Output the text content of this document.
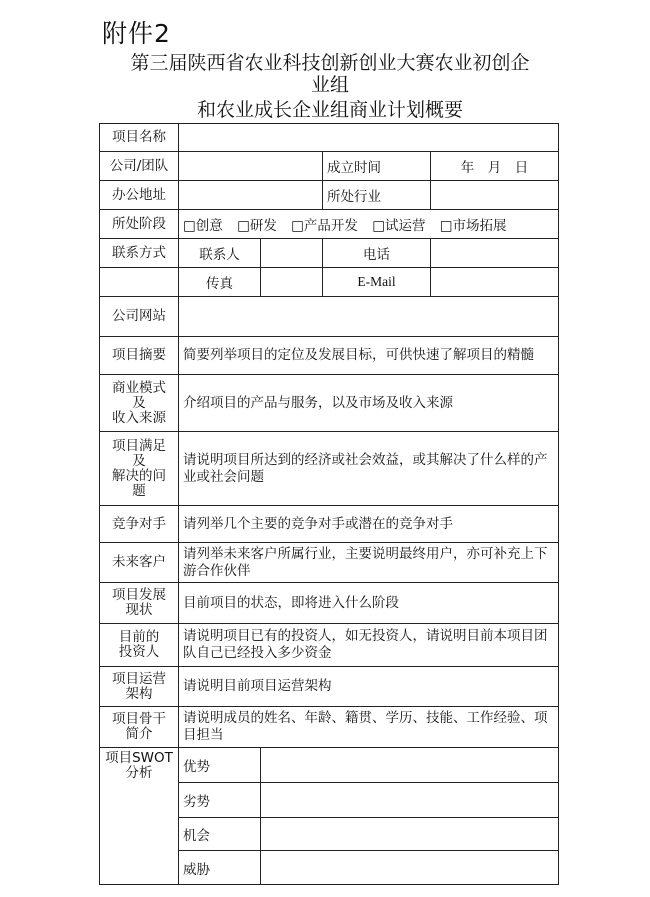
附件2
第三届陕西省农业科技创新创业大赛农业初创企
业组
和农业成长企业组商业计划概要
项目名称				
公司/团队			成立时间	年　月　日
办公地址			所处行业	
所处阶段	□创意 □研发 □产品开发 □试运营 □市场拓展			
联系方式	联系人		电话	
	传真		E-Mail	
公司网站				
项目摘要	简要列举项目的定位及发展目标，可供快速了解项目的精髓			

商业模式
及
收入来源	介绍项目的产品与服务，以及市场及收入来源			

项目满足
及
解决的问
题	请说明项目所达到的经济或社会效益，或其解决了什么样的产业或社会问题			
竞争对手	请列举几个主要的竞争对手或潜在的竞争对手			
未来客户	请列举未来客户所属行业，主要说明最终用户，亦可补充上下游合作伙伴			

项目发展
现状	目前项目的状态，即将进入什么阶段			

目前的
投资人	请说明项目已有的投资人，如无投资人，请说明目前本项目团队自己已经投入多少资金			

项目运营
架构	请说明目前项目运营架构			

项目骨干
简介	请说明成员的姓名、年龄、籍贯、学历、技能、工作经验、项目担当			

项目SWOT
分析	优势			
	劣势			
	机会			
	威胁			
